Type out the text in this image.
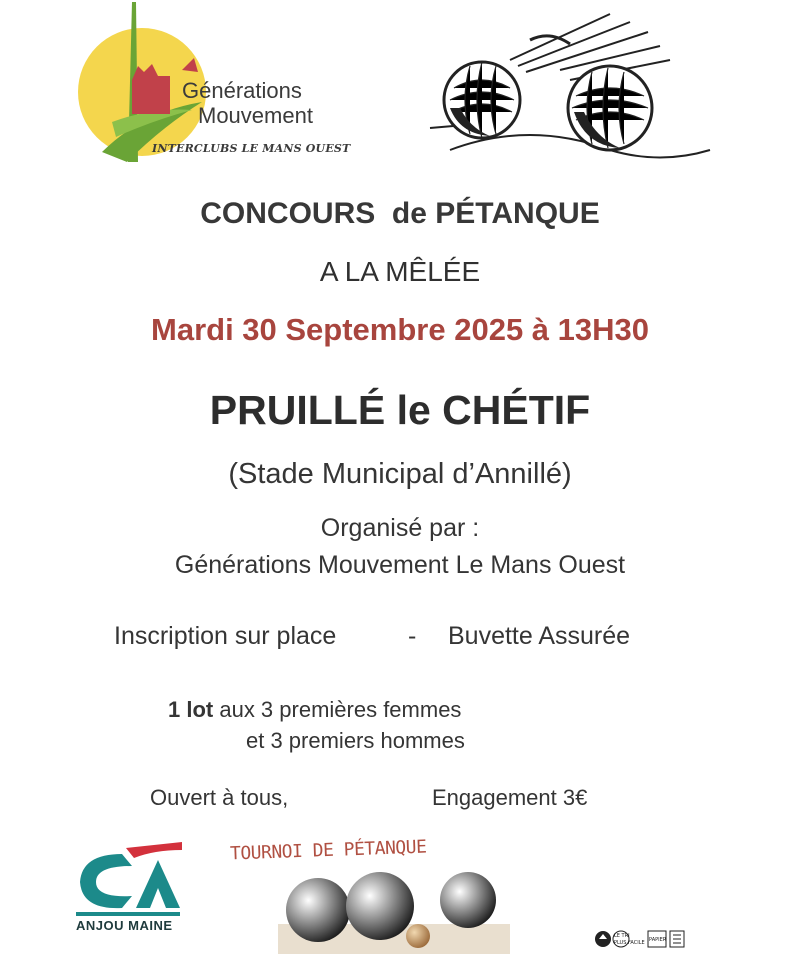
Générations
Mouvement
INTERCLUBS LE MANS OUEST
CONCOURS  de PÉTANQUE
A LA MÊLÉE
Mardi 30 Septembre 2025 à 13H30
PRUILLÉ le CHÉTIF
(Stade Municipal d’Annillé)
Organisé par :
Générations Mouvement Le Mans Ouest
Inscription sur place	- Buvette Assurée
1 lot aux 3 premières femmes
et 3 premiers hommes
Ouvert à tous,	Engagement 3€
ANJOU MAINE
TOURNOI DE PÉTANQUE
LE TRI
PLUS FACILE PAPIER
